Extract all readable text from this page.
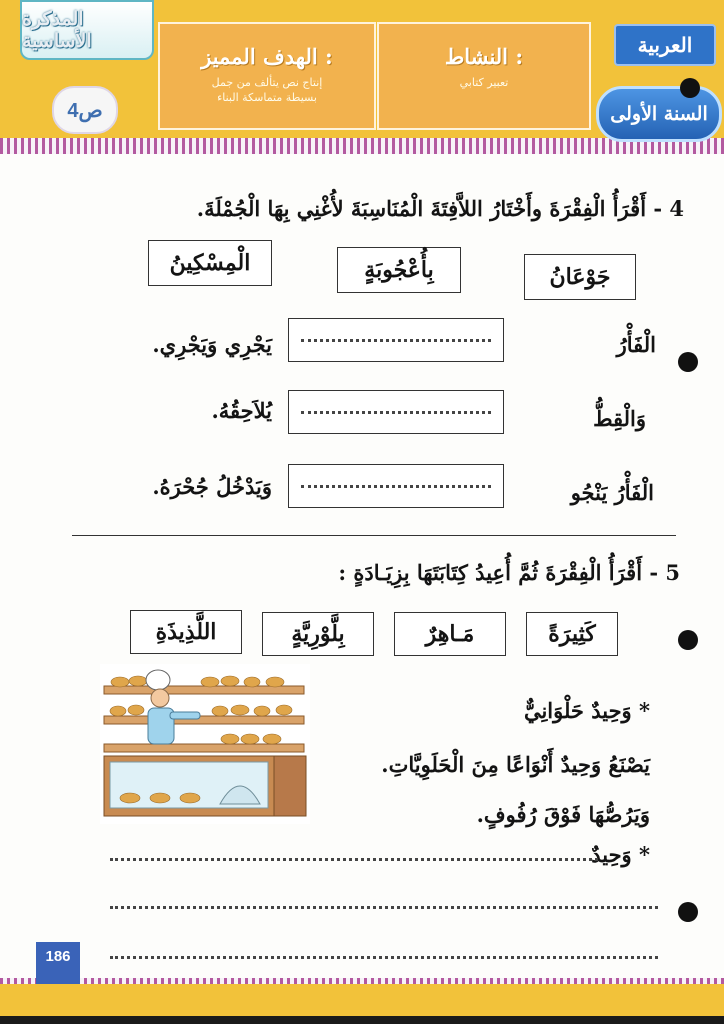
المذكرة الأساسية
4ص
الهدف المميز :
إنتاج نص يتألف من جمل
بسيطة متماسكة البناء
النشاط :
تعبير كتابي
العربية
السنة الأولى
4 - أَقْرَأُ الْفِقْرَةَ وأَخْتَارُ اللاَّفِتَةَ الْمُنَاسِبَةَ لأُغْنِي بِهَا الْجُمْلَةَ.
جَوْعَانُ
بِأُعْجُوبَةٍ
الْمِسْكِينُ
الْفَأْرُ
يَجْرِي وَيَجْرِي.
وَالْقِطُّ
يُلاَحِقُهُ.
الْفَأْرُ يَنْجُو
وَيَدْخُلُ جُحْرَهُ.
5 - أَقْرَأُ الْفِقْرَةَ ثُمَّ أُعِيدُ كِتَابَتَهَا بِزِيَـادَةٍ :
كَثِيرَةً
مَـاهِرٌ
بِلَّوْرِيَّةٍ
اللَّذِيذَةِ
* وَحِيدٌ حَلْوَانِيٌّ
يَصْنَعُ وَحِيدٌ أَنْوَاعًا مِنَ الْحَلَوِيَّاتِ.
وَيَرُصُّهَا فَوْقَ رُفُوفٍ.
* وَحِيدٌ
186
